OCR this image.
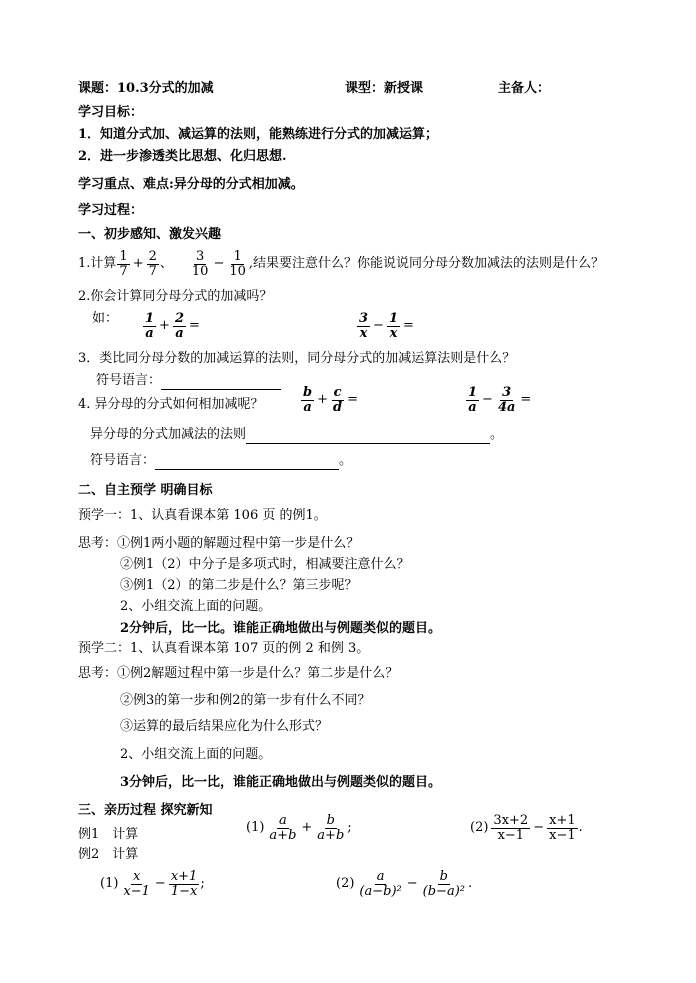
课题：10.3分式的加减	课型：新授课	主备人：
学习目标：
1．知道分式加、减运算的法则，能熟练进行分式的加减运算；
2．进一步渗透类比思想、化归思想.
学习重点、难点:异分母的分式相加减。
学习过程：
一、初步感知、激发兴趣
1.计算 $\frac{1}{7} + \frac{2}{7}$ 、 $\frac{3}{10} - \frac{1}{10}$ ,结果要注意什么？你能说说同分母分数加减法的法则是什么？
2.你会计算同分母分式的加减吗？
如： $\frac{1}{a} + \frac{2}{a}$ =	$\frac{3}{x} - \frac{1}{x}$ =
3．类比同分母分数的加减运算的法则，同分母分式的加减运算法则是什么？
符号语言：
4. 异分母的分式如何相加减呢？	$\frac{b}{a} + \frac{c}{d}$ =	$\frac{1}{a} - \frac{3}{4a}$ =
异分母的分式加减法的法则	。
符号语言：	。
二、自主预学 明确目标
预学一：1、认真看课本第 106 页 的例1。
思考：①例1两小题的解题过程中第一步是什么？
②例1（2）中分子是多项式时，相减要注意什么？
③例1（2）的第二步是什么？第三步呢？
2、小组交流上面的问题。
2分钟后，比一比。谁能正确地做出与例题类似的题目。
预学二：1、认真看课本第 107 页的例 2 和例 3。
思考：①例2解题过程中第一步是什么？第二步是什么？
②例3的第一步和例2的第一步有什么不同？
③运算的最后结果应化为什么形式？
2、小组交流上面的问题。
3分钟后，比一比，谁能正确地做出与例题类似的题目。
三、亲历过程 探究新知
例1　计算
例2　计算
$(1) \frac{a}{a+b} + \frac{b}{a+b}$ ;	$(2) \frac{3x+2}{x-1} - \frac{x+1}{x-1}$ .
$(1) \frac{x}{x-1} - \frac{x+1}{1-x}$ ;	$(2) \frac{a}{\text{(a−b)²}} - \frac{b}{\text{(b−a)²}}$ .
